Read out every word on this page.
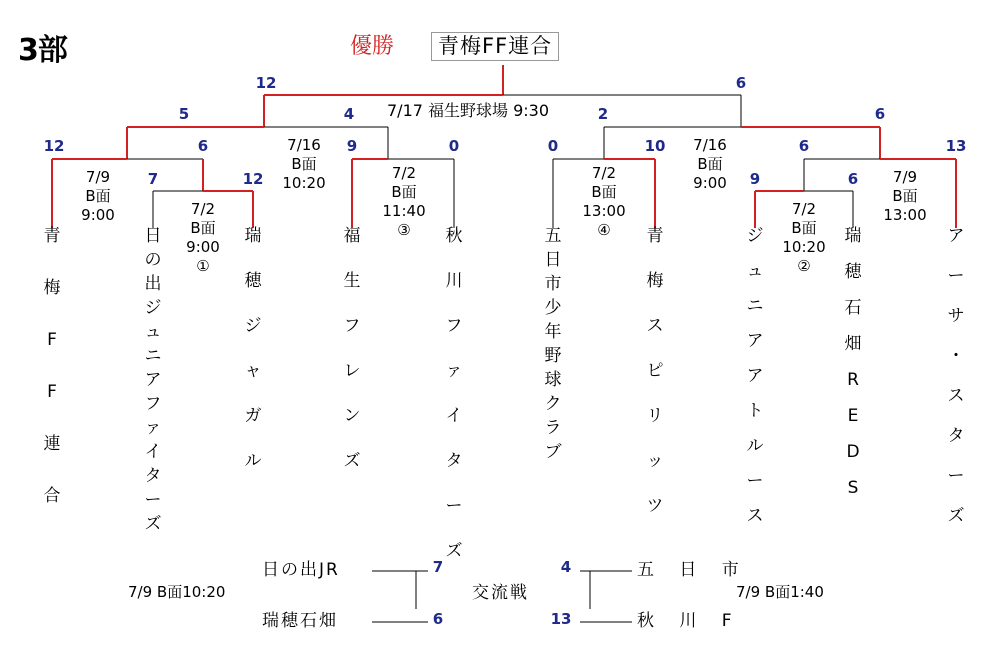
3部	優勝	青梅FF連合
7/17 福生野球場 9:30
12	6
5	4	2	6
12	6	9	0	0	10	6	13
7	12	9	6
7/16
B面
10:20
7/16
B面
9:00
7/9
B面
9:00
7/2
B面
11:40
③
7/2
B面
13:00
④
7/9
B面
13:00
7/2
B面
9:00
①
7/2
B面
10:20
②
青
梅
F
F
連
合
日
の
出
ジ
ュ
ニ
ア
フ
ァ
イ
タ
ー
ズ
瑞
穂
ジ
ャ
ガ
ル
福
生
フ
レ
ン
ズ
秋
川
フ
ァ
イ
タ
ー
ズ
五
日
市
少
年
野
球
ク
ラ
ブ
青
梅
ス
ピ
リ
ッ
ツ
ジ
ュ
ニ
ア
ア
ト
ル
ー
ス
瑞
穂
石
畑
R
E
D
S
ア
ー
サ
・
ス
タ
ー
ズ
日の出JR
瑞穂石畑
7
6
7/9 B面10:20	交流戦
4
13
五 日 市
秋 川 F
7/9 B面1:40
